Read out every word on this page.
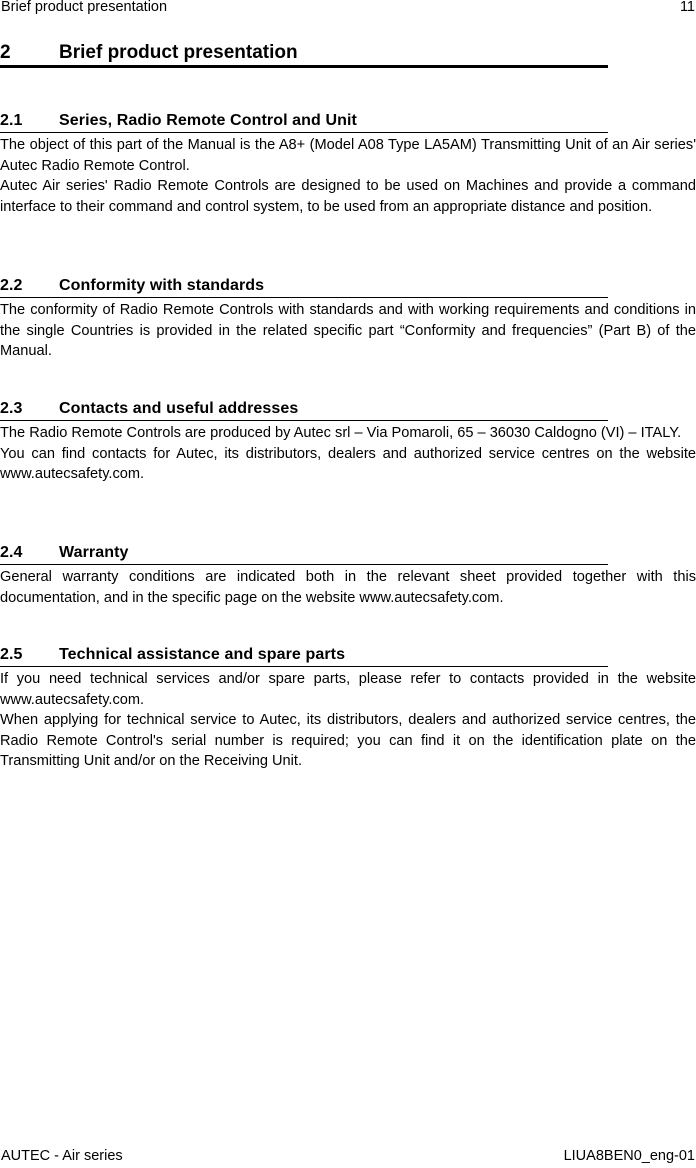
Brief product presentation	11
2	Brief product presentation
2.1 Series, Radio Remote Control and Unit

The object of this part of the Manual is the A8+ (Model A08 Type LA5AM) Transmitting Unit of an Air series' Autec Radio Remote Control.

Autec Air series' Radio Remote Controls are designed to be used on Machines and provide a command interface to their command and control system, to be used from an appropriate distance and position.

2.2 Conformity with standards

The conformity of Radio Remote Controls with standards and with working requirements and conditions in the single Countries is provided in the related specific part “Conformity and frequencies” (Part B) of the Manual.

2.3 Contacts and useful addresses

The Radio Remote Controls are produced by Autec srl – Via Pomaroli, 65 – 36030 Caldogno (VI) – ITALY.

You can find contacts for Autec, its distributors, dealers and authorized service centres on the website www.autecsafety.com.

2.4 Warranty

General warranty conditions are indicated both in the relevant sheet provided together with this documentation, and in the specific page on the website www.autecsafety.com.

2.5 Technical assistance and spare parts

If you need technical services and/or spare parts, please refer to contacts provided in the website www.autecsafety.com.

When applying for technical service to Autec, its distributors, dealers and authorized service centres, the Radio Remote Control's serial number is required; you can find it on the identification plate on the Transmitting Unit and/or on the Receiving Unit.

AUTEC - Air series	LIUA8BEN0_eng-01
